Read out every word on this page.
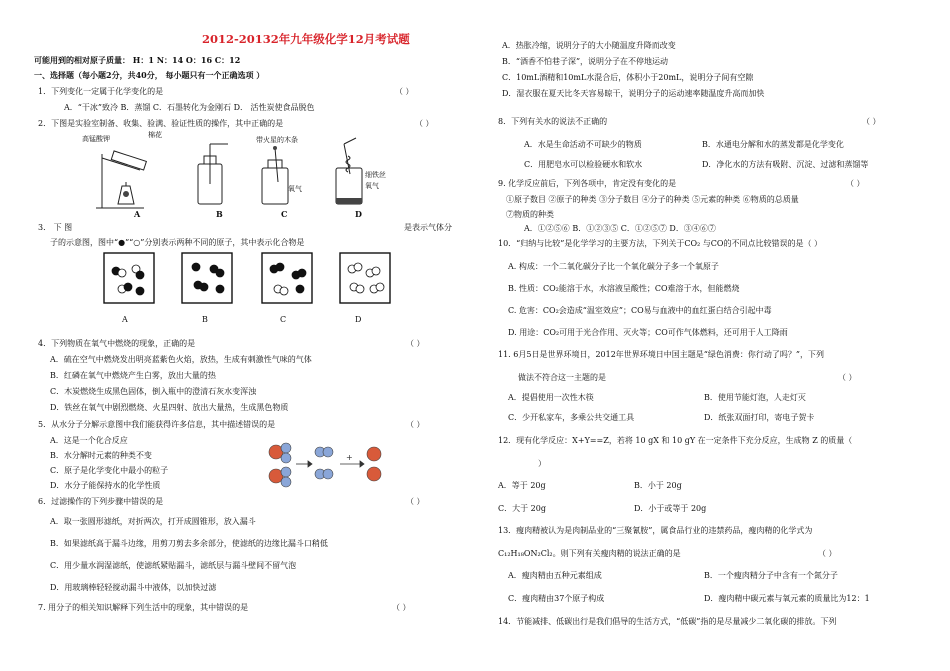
2012-20132年九年级化学12月考试题
可能用到的相对原子质量： H：1 N：14 O：16 C：12
一、选择题（每小题2分，共40分， 每小题只有一个正确选项 ）
1．下列变化一定属于化学变化的是	（ ）
A．“干冰”致冷 B．蒸馏 C．石墨转化为金刚石 D． 活性炭使食品脱色
2．下图是实验室制备、收集、验满、验证性质的操作，其中正确的是	（ ）
高锰酸钾	棉花
带火星的木条
氧气
细铁丝
氧气
A	B	C	D
3． 下 图	是表示气体分
子的示意图，图中“●”“○”分别表示两种不同的原子，其中表示化合物是
A	B	C	D
4．下列物质在氧气中燃烧的现象，正确的是	（ ）
A．硫在空气中燃烧发出明亮蓝紫色火焰，放热，生成有刺激性气味的气体
B．红磷在氧气中燃烧产生白雾，放出大量的热
C．木炭燃烧生成黑色固体，倒入瓶中的澄清石灰水变浑浊
D．铁丝在氧气中剧烈燃烧、火星四射、放出大量热，生成黑色物质
5．从水分子分解示意图中我们能获得许多信息，其中描述错误的是	（ ）
A．这是一个化合反应
B．水分解时元素的种类不变
C．原子是化学变化中最小的粒子
D．水分子能保持水的化学性质
+
6．过滤操作的下列步骤中错误的是	（ ）
A．取一张圆形滤纸，对折两次，打开成圆锥形，放入漏斗
B．如果滤纸高于漏斗边缘，用剪刀剪去多余部分，使滤纸的边缘比漏斗口稍低
C．用少量水润湿滤纸，使滤纸紧贴漏斗，滤纸层与漏斗壁间不留气泡
D．用玻璃棒轻轻搅动漏斗中液体，以加快过滤
7. 用分子的相关知识解释下列生活中的现象，其中错误的是	（ ）
A．热胀冷缩，说明分子的大小随温度升降而改变
B．“酒香不怕巷子深”，说明分子在不停地运动
C．10mL酒精和10mL水混合后，体积小于20mL，说明分子间有空隙
D．湿衣服在夏天比冬天容易晾干，说明分子的运动速率随温度升高而加快
8．下列有关水的说法不正确的	（ ）
A．水是生命活动不可缺少的物质	B．水通电分解和水的蒸发都是化学变化
C．用肥皂水可以检验硬水和软水	D．净化水的方法有吸附、沉淀、过滤和蒸馏等
9. 化学反应前后，下列各项中，肯定没有变化的是	（ ）
①原子数目 ②原子的种类 ③分子数目 ④分子的种类 ⑤元素的种类 ⑥物质的总质量
⑦物质的种类
A．①②⑤⑥ B．①②③⑤ C．①②⑤⑦ D．③④⑥⑦
10．“归纳与比较”是化学学习的主要方法，下列关于CO₂ 与CO的不同点比较错误的是（ ）
A. 构成：一个二氧化碳分子比一个氧化碳分子多一个氧原子
B. 性质：CO₂能溶于水，水溶液呈酸性；CO难溶于水，但能燃烧
C. 危害：CO₂会造成“温室效应”；CO易与血液中的血红蛋白结合引起中毒
D. 用途：CO₂可用于光合作用、灭火等；CO可作气体燃料，还可用于人工降雨
11. 6月5日是世界环境日，2012年世界环境日中国主题是“绿色消费：你行动了吗？”，下列
做法不符合这一主题的是	（ ）
A．提倡使用一次性木筷	B．使用节能灯泡，人走灯灭
C．少开私家车，多乘公共交通工具	D．纸张双面打印，寄电子贺卡
12．现有化学反应：X+Y==Z，若将 10 gX 和 10 gY 在一定条件下充分反应，生成物 Z 的质量（
）
A．等于 20g	B．小于 20g
C．大于 20g	D．小于或等于 20g
13．瘦肉精被认为是肉制品业的“三聚氰胺”，属食品行业的违禁药品，瘦肉精的化学式为
C₁₂H₁₈ON₂Cl₂。则下列有关瘦肉精的说法正确的是	（ ）
A．瘦肉精由五种元素组成	B．一个瘦肉精分子中含有一个氮分子
C．瘦肉精由37个原子构成	D．瘦肉精中碳元素与氧元素的质量比为12：1
14．节能减排、低碳出行是我们倡导的生活方式，“低碳”指的是尽量减少二氧化碳的排放。下列
